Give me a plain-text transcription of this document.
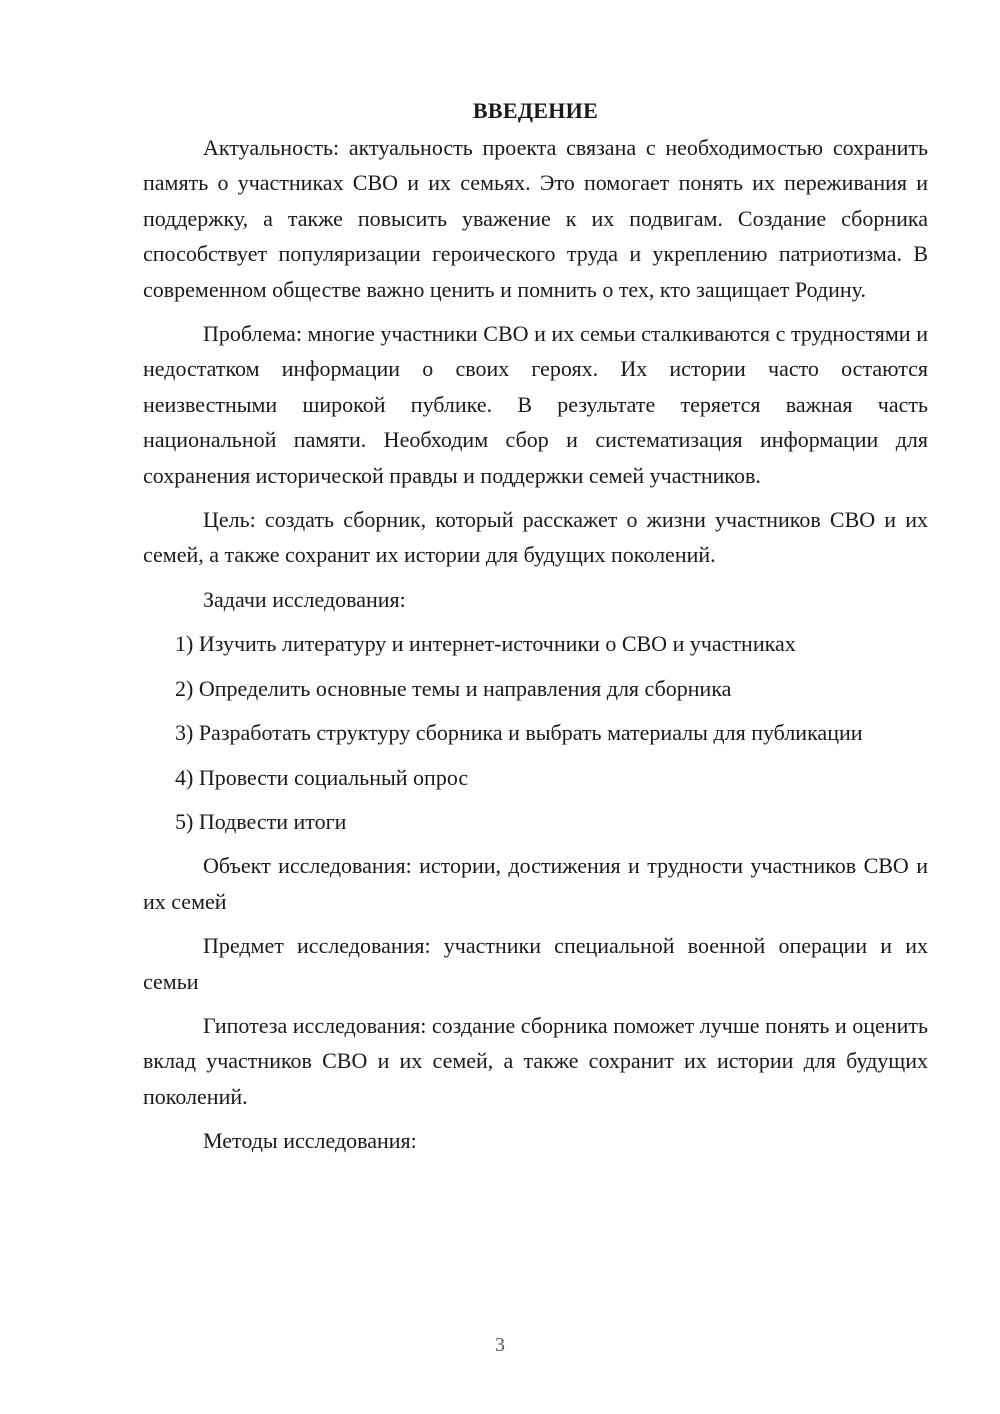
ВВЕДЕНИЕ

Актуальность: актуальность проекта связана с необходимостью сохранить память о участниках СВО и их семьях. Это помогает понять их переживания и поддержку, а также повысить уважение к их подвигам. Создание сборника способствует популяризации героического труда и укреплению патриотизма. В современном обществе важно ценить и помнить о тех, кто защищает Родину.

Проблема: многие участники СВО и их семьи сталкиваются с трудностями и недостатком информации о своих героях. Их истории часто остаются неизвестными широкой публике. В результате теряется важная часть национальной памяти. Необходим сбор и систематизация информации для сохранения исторической правды и поддержки семей участников.

Цель: создать сборник, который расскажет о жизни участников СВО и их семей, а также сохранит их истории для будущих поколений.

Задачи исследования:

1) Изучить литературу и интернет-источники о СВО и участниках

2) Определить основные темы и направления для сборника

3) Разработать структуру сборника и выбрать материалы для публикации

4) Провести социальный опрос

5) Подвести итоги

Объект исследования: истории, достижения и трудности участников СВО и их семей

Предмет исследования: участники специальной военной операции и их семьи

Гипотеза исследования: создание сборника поможет лучше понять и оценить вклад участников СВО и их семей, а также сохранит их истории для будущих поколений.

Методы исследования:

3
